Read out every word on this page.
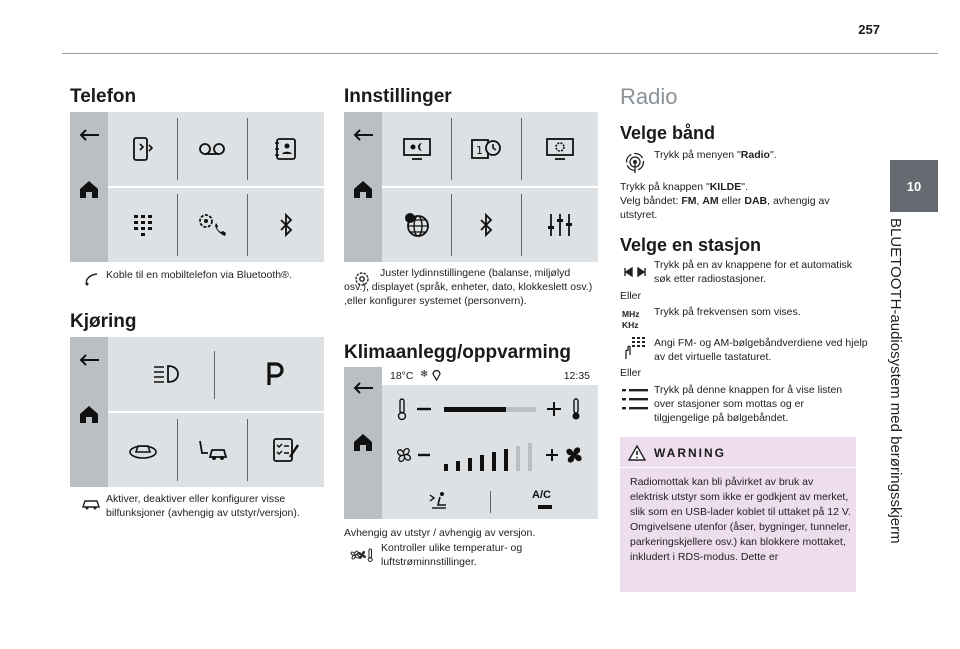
257
10
BLUETOOTH-audiosystem med berøringsskjerm
Telefon
Koble til en mobiltelefon via Bluetooth®.
Kjøring
Aktiver, deaktiver eller konfigurer visse bilfunksjoner (avhengig av utstyr/versjon).
Innstillinger
1
Juster lydinnstillingene (balanse, miljølyd osv.), displayet (språk, enheter, dato, klokkeslett osv.) ,eller konfigurer systemet (personvern).
Klimaanlegg/oppvarming
18°C ❄	12:35
A/C
Avhengig av utstyr / avhengig av versjon.
Kontroller ulike temperatur- og luftstrøminnstillinger.
Radio
Velge bånd
Trykk på menyen "Radio".
Trykk på knappen "KILDE".
Velg båndet: FM, AM eller DAB, avhengig av utstyret.
Velge en stasjon
Trykk på en av knappene for et automatisk søk etter radiostasjoner.
Eller
MHz
KHz
Trykk på frekvensen som vises.
Angi FM- og AM-bølgebåndverdiene ved hjelp av det virtuelle tastaturet.
Eller
Trykk på denne knappen for å vise listen over stasjoner som mottas og er tilgjengelige på bølgebåndet.
WARNING
Radiomottak kan bli påvirket av bruk av elektrisk utstyr som ikke er godkjent av merket, slik som en USB-lader koblet til uttaket på 12 V.
Omgivelsene utenfor (åser, bygninger, tunneler, parkeringskjellere osv.) kan blokkere mottaket, inkludert i RDS-modus. Dette er
